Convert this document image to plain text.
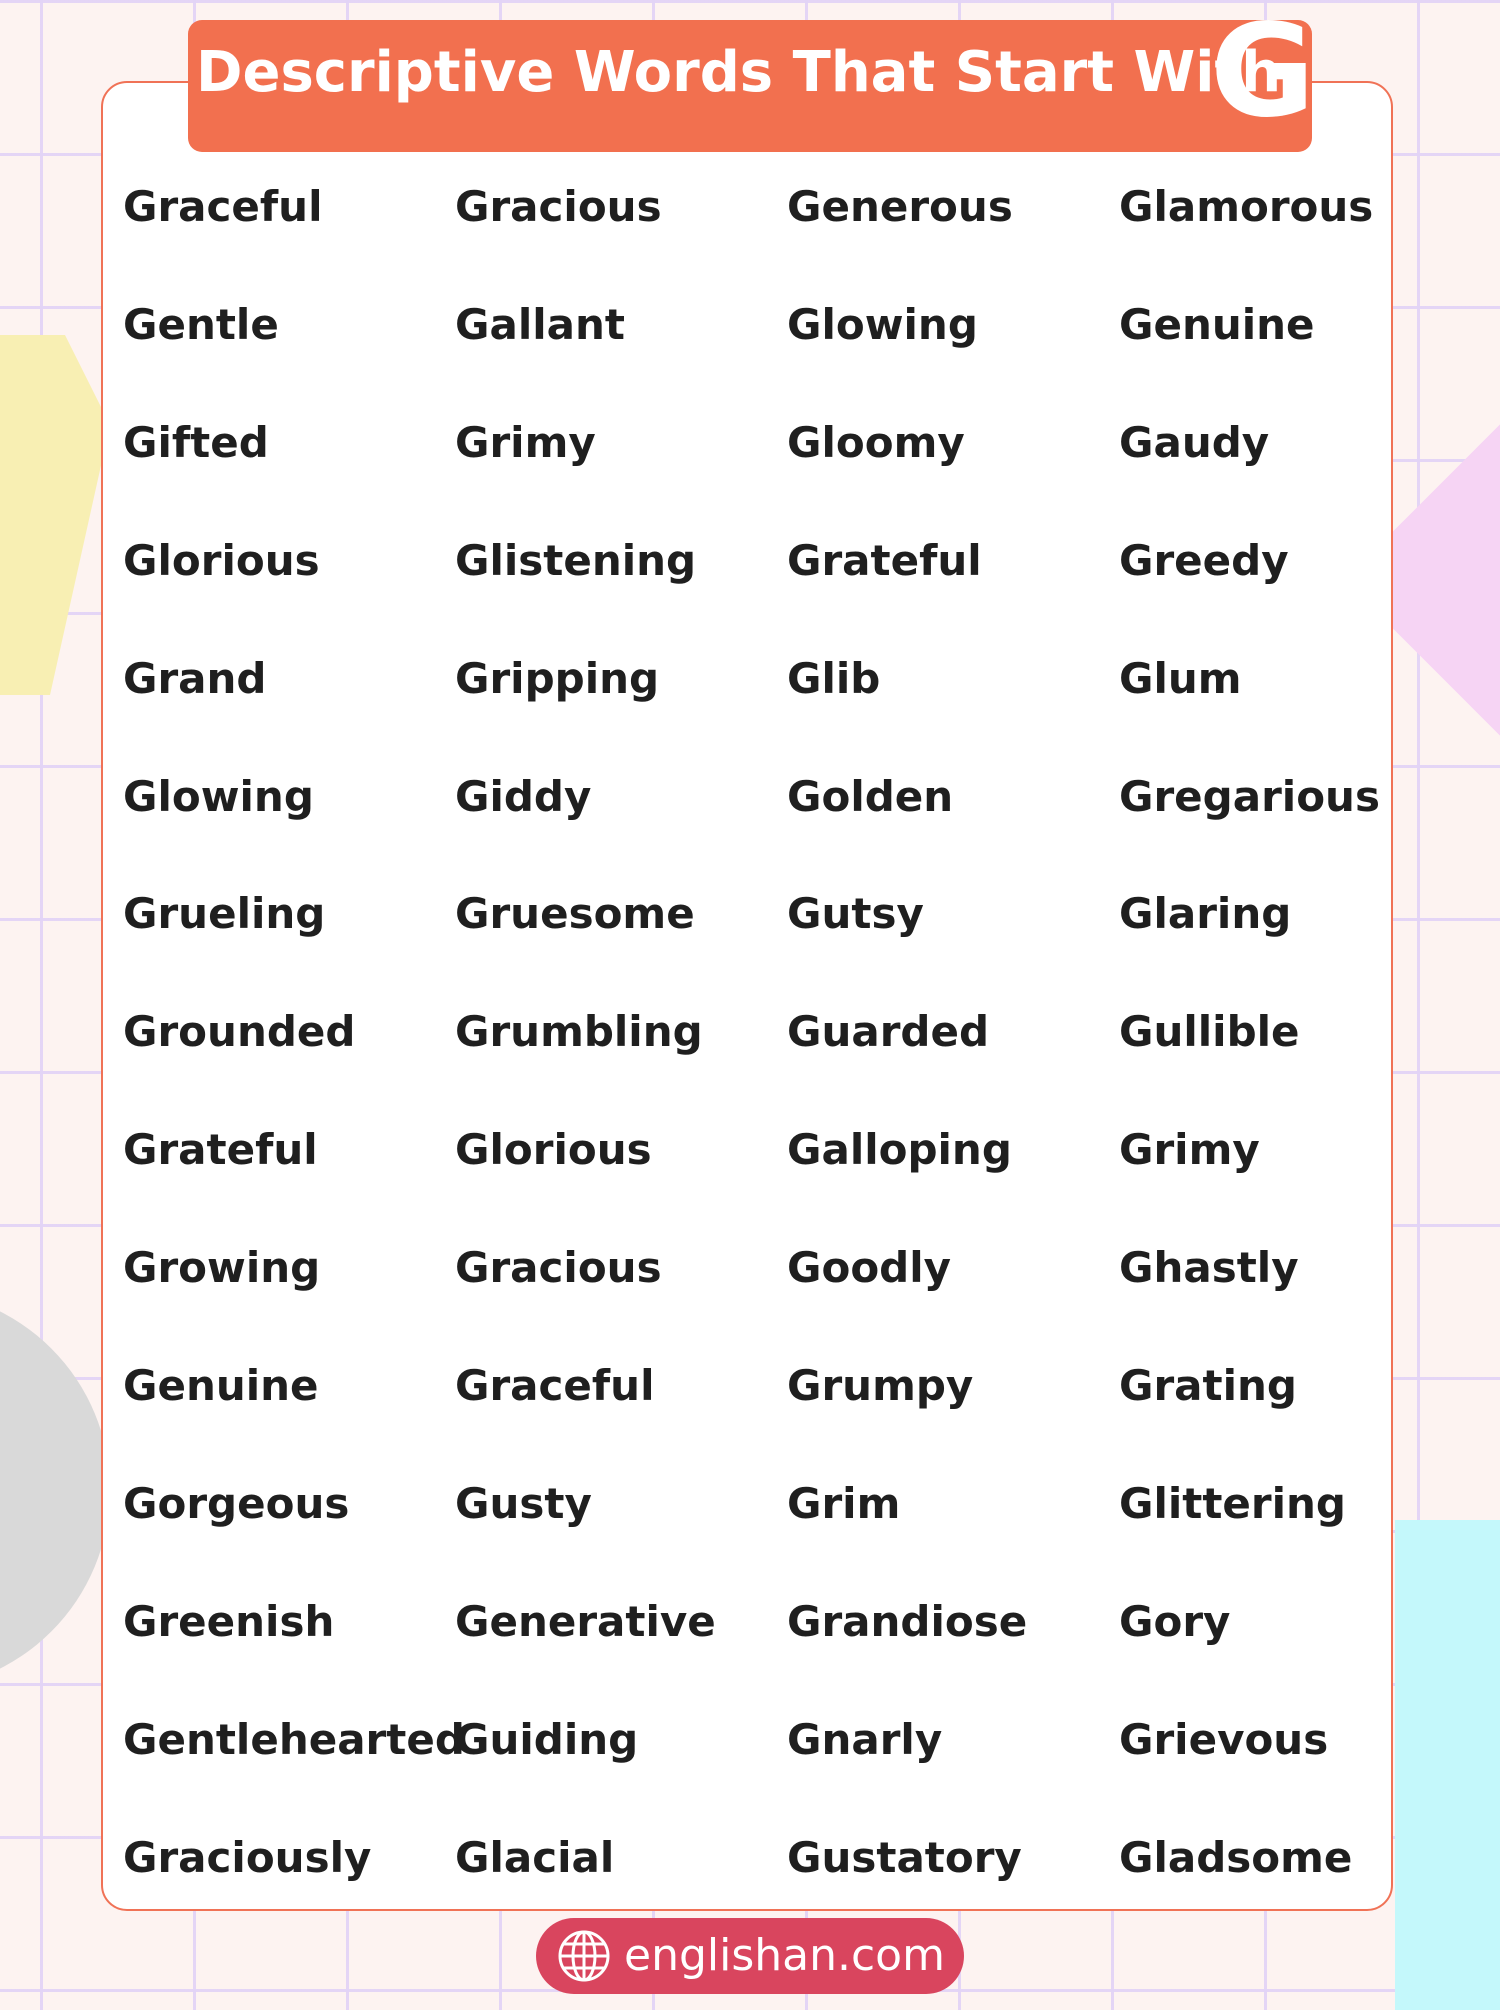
Descriptive Words That Start With
G
Graceful
Gentle
Gifted
Glorious
Grand
Glowing
Grueling
Grounded
Grateful
Growing
Genuine
Gorgeous
Greenish
Gentlehearted
Graciously
Gracious
Gallant
Grimy
Glistening
Gripping
Giddy
Gruesome
Grumbling
Glorious
Gracious
Graceful
Gusty
Generative
Guiding
Glacial
Generous
Glowing
Gloomy
Grateful
Glib
Golden
Gutsy
Guarded
Galloping
Goodly
Grumpy
Grim
Grandiose
Gnarly
Gustatory
Glamorous
Genuine
Gaudy
Greedy
Glum
Gregarious
Glaring
Gullible
Grimy
Ghastly
Grating
Glittering
Gory
Grievous
Gladsome
englishan.com
